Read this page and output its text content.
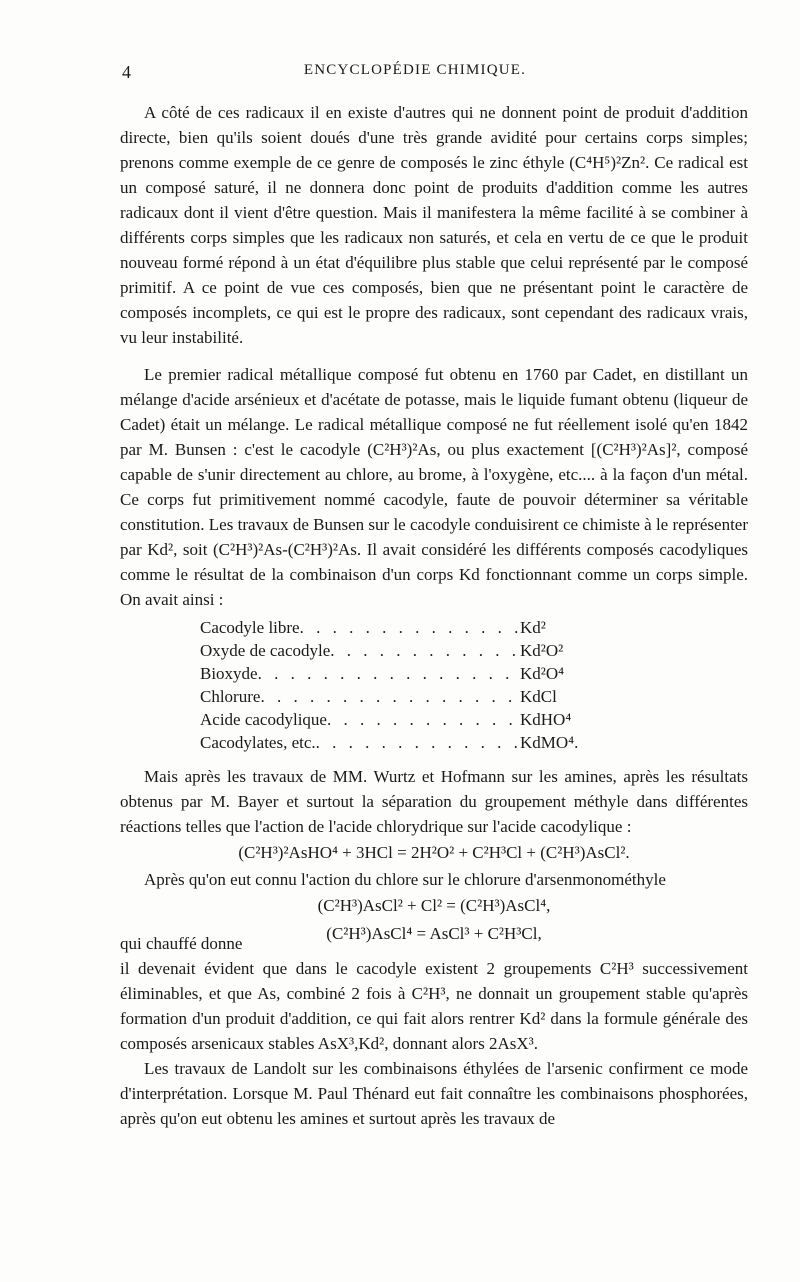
4	ENCYCLOPÉDIE CHIMIQUE.

A côté de ces radicaux il en existe d'autres qui ne donnent point de produit d'addition directe, bien qu'ils soient doués d'une très grande avidité pour certains corps simples; prenons comme exemple de ce genre de composés le zinc éthyle (C⁴H⁵)²Zn². Ce radical est un composé saturé, il ne donnera donc point de produits d'addition comme les autres radicaux dont il vient d'être question. Mais il manifestera la même facilité à se combiner à différents corps simples que les radicaux non saturés, et cela en vertu de ce que le produit nouveau formé répond à un état d'équilibre plus stable que celui représenté par le composé primitif. A ce point de vue ces composés, bien que ne présentant point le caractère de composés incomplets, ce qui est le propre des radicaux, sont cependant des radicaux vrais, vu leur instabilité.

Le premier radical métallique composé fut obtenu en 1760 par Cadet, en distillant un mélange d'acide arsénieux et d'acétate de potasse, mais le liquide fumant obtenu (liqueur de Cadet) était un mélange. Le radical métallique composé ne fut réellement isolé qu'en 1842 par M. Bunsen : c'est le cacodyle (C²H³)²As, ou plus exactement [(C²H³)²As]², composé capable de s'unir directement au chlore, au brome, à l'oxygène, etc.... à la façon d'un métal. Ce corps fut primitivement nommé cacodyle, faute de pouvoir déterminer sa véritable constitution. Les travaux de Bunsen sur le cacodyle conduisirent ce chimiste à le représenter par Kd², soit (C²H³)²As-(C²H³)²As. Il avait considéré les différents composés cacodyliques comme le résultat de la combinaison d'un corps Kd fonctionnant comme un corps simple. On avait ainsi :

Cacodyle libre . . .	Kd²
Oxyde de cacodyle . . .	Kd²O²
Bioxyde . . .	Kd²O⁴
Chlorure . . .	KdCl
Acide cacodylique . . .	KdHO⁴
Cacodylates, etc. . . .	KdMO⁴.

Mais après les travaux de MM. Wurtz et Hofmann sur les amines, après les résultats obtenus par M. Bayer et surtout la séparation du groupement méthyle dans différentes réactions telles que l'action de l'acide chlorydrique sur l'acide cacodylique :

(C²H³)²AsHO⁴ + 3HCl = 2H²O² + C²H³Cl + (C²H³)AsCl².

Après qu'on eut connu l'action du chlore sur le chlorure d'arsenmonométhyle

(C²H³)AsCl² + Cl² = (C²H³)AsCl⁴,
qui chauffé donne
(C²H³)AsCl⁴ = AsCl³ + C²H³Cl,

il devenait évident que dans le cacodyle existent 2 groupements C²H³ successivement éliminables, et que As, combiné 2 fois à C²H³, ne donnait un groupement stable qu'après formation d'un produit d'addition, ce qui fait alors rentrer Kd² dans la formule générale des composés arsenicaux stables AsX³,Kd², donnant alors 2AsX³.

Les travaux de Landolt sur les combinaisons éthylées de l'arsenic confirment ce mode d'interprétation. Lorsque M. Paul Thénard eut fait connaître les combinaisons phosphorées, après qu'on eut obtenu les amines et surtout après les travaux de
